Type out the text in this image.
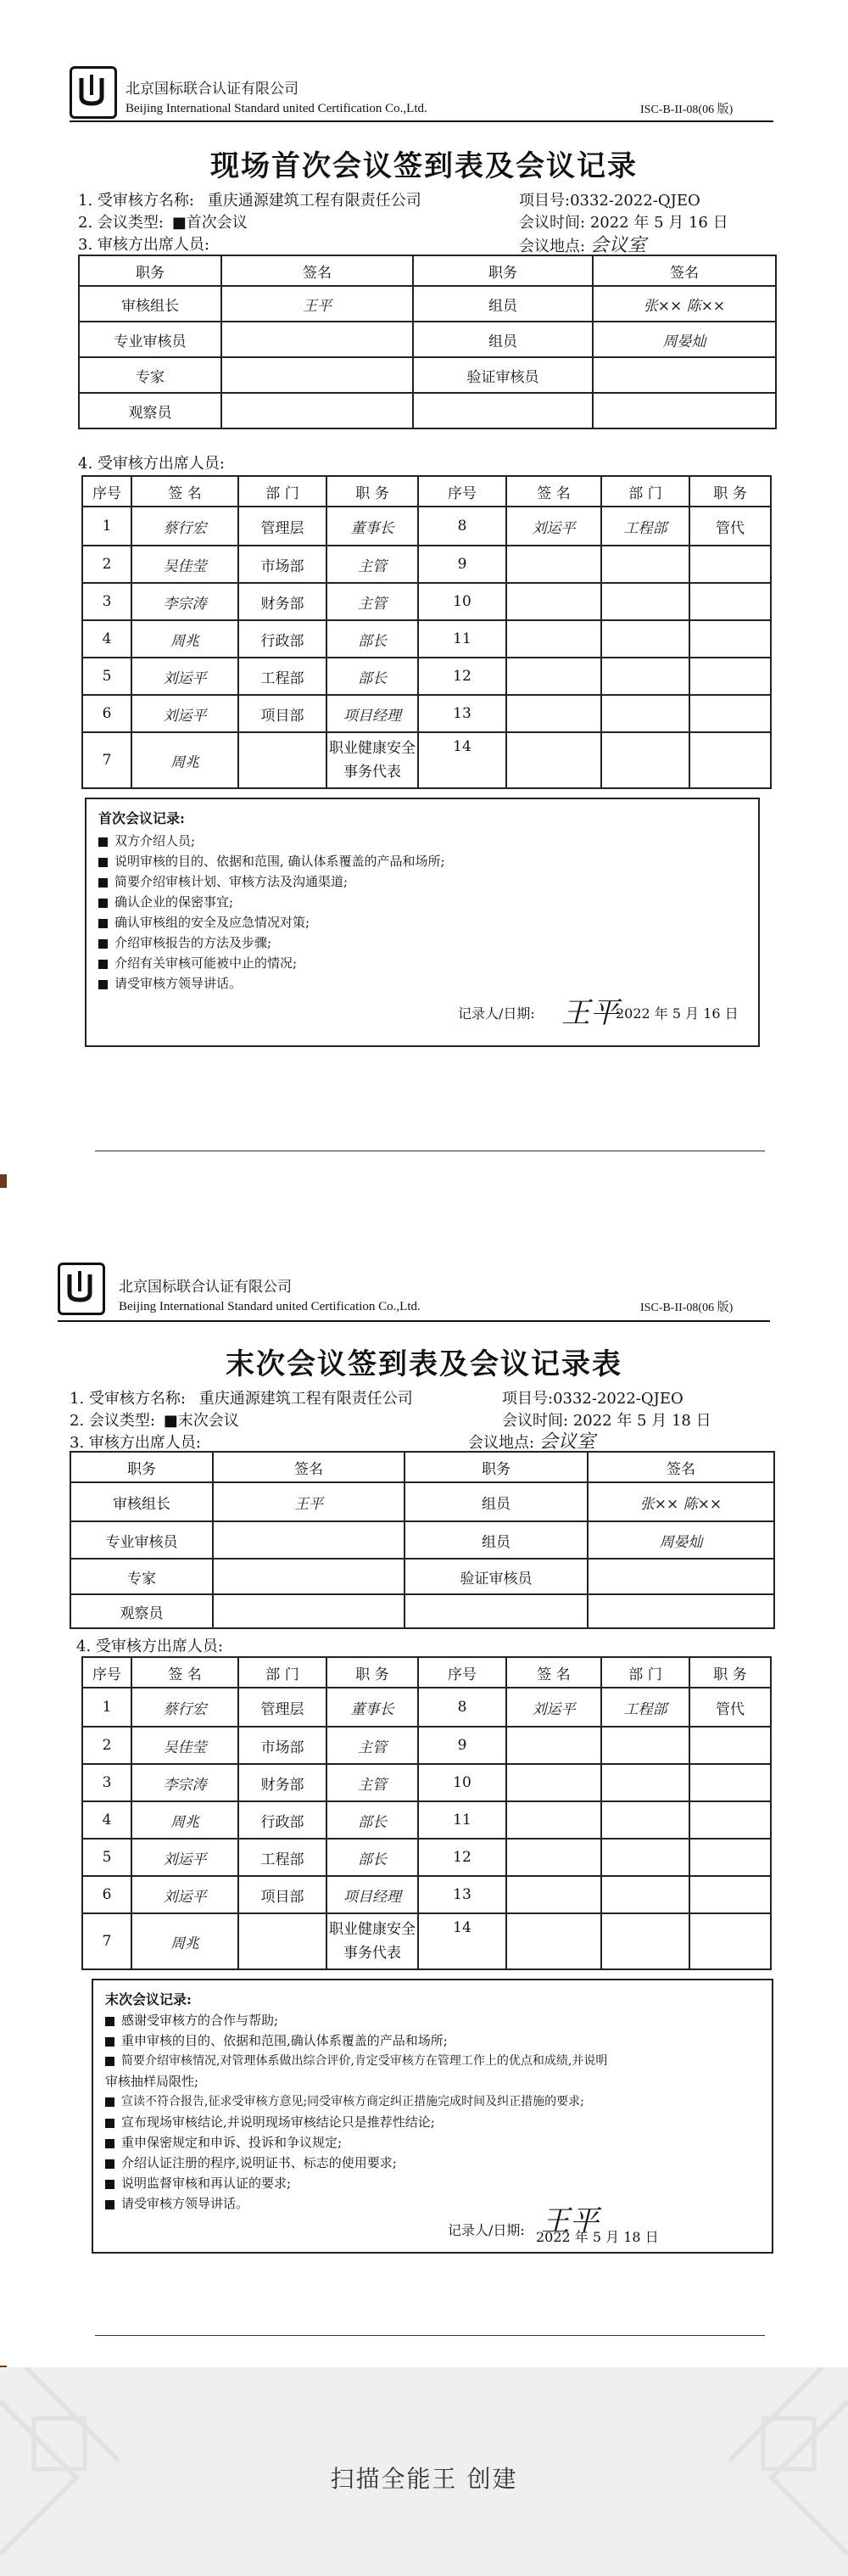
北京国标联合认证有限公司
Beijing International Standard united Certification Co.,Ltd.	ISC-B-II-08(06 版)
现场首次会议签到表及会议记录
1. 受审核方名称: 重庆通源建筑工程有限责任公司	项目号:0332-2022-QJEO
2. 会议类型: ■首次会议	会议时间: 2022 年 5 月 16 日
3. 审核方出席人员:	会议地点: 会议室
职务	签名	职务	签名
审核组长	王平	组员	张×× 陈××
专业审核员		组员	周晏灿
专家		验证审核员	
观察员			
4. 受审核方出席人员:
序号	签 名	部 门	职 务	序号	签 名	部 门	职 务
1	蔡行宏	管理层	董事长	8	刘运平	工程部	管代
2	吴佳莹	市场部	主管	9			
3	李宗涛	财务部	主管	10			
4	周兆	行政部	部长	11			
5	刘运平	工程部	部长	12			
6	刘运平	项目部	项目经理	13			
7	周兆		职业健康安全事务代表	14			
首次会议记录:
双方介绍人员;
说明审核的目的、依据和范围, 确认体系覆盖的产品和场所;
简要介绍审核计划、审核方法及沟通渠道;
确认企业的保密事宜;
确认审核组的安全及应急情况对策;
介绍审核报告的方法及步骤;
介绍有关审核可能被中止的情况;
请受审核方领导讲话。
记录人/日期: 王平
2022 年 5 月 16 日
北京国标联合认证有限公司
Beijing International Standard united Certification Co.,Ltd.	ISC-B-II-08(06 版)
末次会议签到表及会议记录表
1. 受审核方名称: 重庆通源建筑工程有限责任公司	项目号:0332-2022-QJEO
2. 会议类型: ■末次会议	会议时间: 2022 年 5 月 18 日
3. 审核方出席人员:	会议地点: 会议室
职务	签名	职务	签名
审核组长	王平	组员	张×× 陈××
专业审核员		组员	周晏灿
专家		验证审核员	
观察员			
4. 受审核方出席人员:
序号	签 名	部 门	职 务	序号	签 名	部 门	职 务
1	蔡行宏	管理层	董事长	8	刘运平	工程部	管代
2	吴佳莹	市场部	主管	9			
3	李宗涛	财务部	主管	10			
4	周兆	行政部	部长	11			
5	刘运平	工程部	部长	12			
6	刘运平	项目部	项目经理	13			
7	周兆		职业健康安全事务代表	14			
末次会议记录:
感谢受审核方的合作与帮助;
重申审核的目的、依据和范围,确认体系覆盖的产品和场所;
简要介绍审核情况,对管理体系做出综合评价,肯定受审核方在管理工作上的优点和成绩,并说明
审核抽样局限性;
宣读不符合报告,征求受审核方意见;同受审核方商定纠正措施完成时间及纠正措施的要求;
宣布现场审核结论,并说明现场审核结论只是推荐性结论;
重申保密规定和申诉、投诉和争议规定;
介绍认证注册的程序,说明证书、标志的使用要求;
说明监督审核和再认证的要求;
请受审核方领导讲话。
记录人/日期: 王平
2022 年 5 月 18 日
扫描全能王 创建
